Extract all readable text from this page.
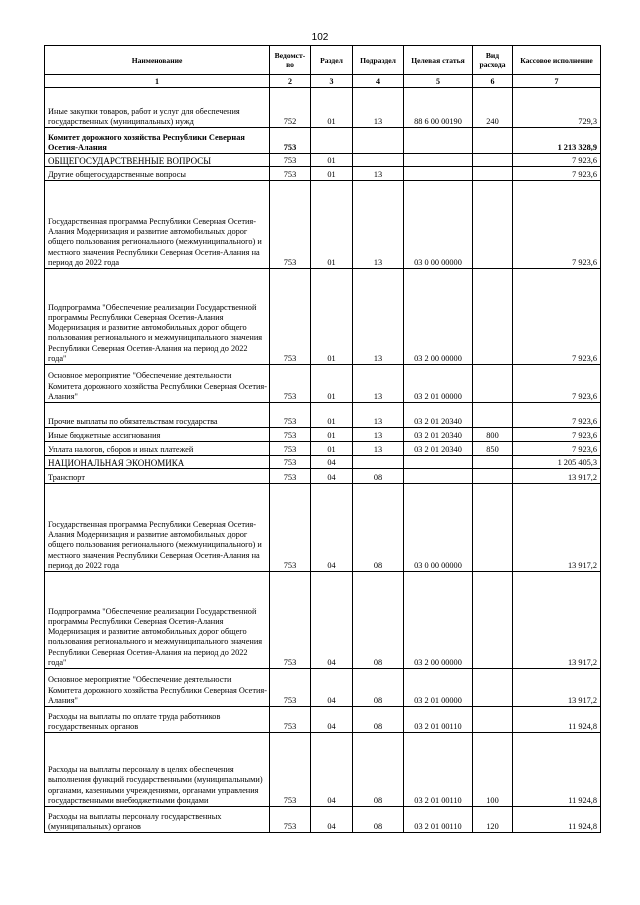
102
Наименование	Ведомст-во	Раздел	Подраздел	Целевая статья	Вид расхода	Кассовое исполнение
1	2	3	4	5	6	7
Иные закупки товаров, работ и услуг для обеспечения государственных (муниципальных) нужд	752	01	13	88 6 00 00190	240	729,3
Комитет дорожного хозяйства Республики Северная Осетия-Алания	753					1 213 328,9
ОБЩЕГОСУДАРСТВЕННЫЕ ВОПРОСЫ	753	01				7 923,6
Другие общегосударственные вопросы	753	01	13			7 923,6
Государственная программа Республики Северная Осетия-Алания Модернизация и развитие автомобильных дорог общего пользования регионального (межмуниципального) и местного значения Республики Северная Осетия-Алания на период до 2022 года	753	01	13	03 0 00 00000		7 923,6
Подпрограмма "Обеспечение реализации Государственной программы Республики Северная Осетия-Алания Модернизация и развитие автомобильных дорог общего пользования регионального и межмуниципального значения Республики Северная Осетия-Алания на период до 2022 года"	753	01	13	03 2 00 00000		7 923,6
Основное мероприятие "Обеспечение деятельности Комитета дорожного хозяйства Республики Северная Осетия-Алания"	753	01	13	03 2 01 00000		7 923,6
Прочие выплаты по обязательствам государства	753	01	13	03 2 01 20340		7 923,6
Иные бюджетные ассигнования	753	01	13	03 2 01 20340	800	7 923,6
Уплата налогов, сборов и иных платежей	753	01	13	03 2 01 20340	850	7 923,6
НАЦИОНАЛЬНАЯ ЭКОНОМИКА	753	04				1 205 405,3
Транспорт	753	04	08			13 917,2
Государственная программа Республики Северная Осетия-Алания Модернизация и развитие автомобильных дорог общего пользования регионального (межмуниципального) и местного значения Республики Северная Осетия-Алания на период до 2022 года	753	04	08	03 0 00 00000		13 917,2
Подпрограмма "Обеспечение реализации Государственной программы Республики Северная Осетия-Алания Модернизация и развитие автомобильных дорог общего пользования регионального и межмуниципального значения Республики Северная Осетия-Алания на период до 2022 года"	753	04	08	03 2 00 00000		13 917,2
Основное мероприятие "Обеспечение деятельности Комитета дорожного хозяйства Республики Северная Осетия-Алания"	753	04	08	03 2 01 00000		13 917,2
Расходы на выплаты по оплате труда работников государственных органов	753	04	08	03 2 01 00110		11 924,8
Расходы на выплаты персоналу в целях обеспечения выполнения функций государственными (муниципальными) органами, казенными учреждениями, органами управления государственными внебюджетными фондами	753	04	08	03 2 01 00110	100	11 924,8
Расходы на выплаты персоналу государственных (муниципальных) органов	753	04	08	03 2 01 00110	120	11 924,8
